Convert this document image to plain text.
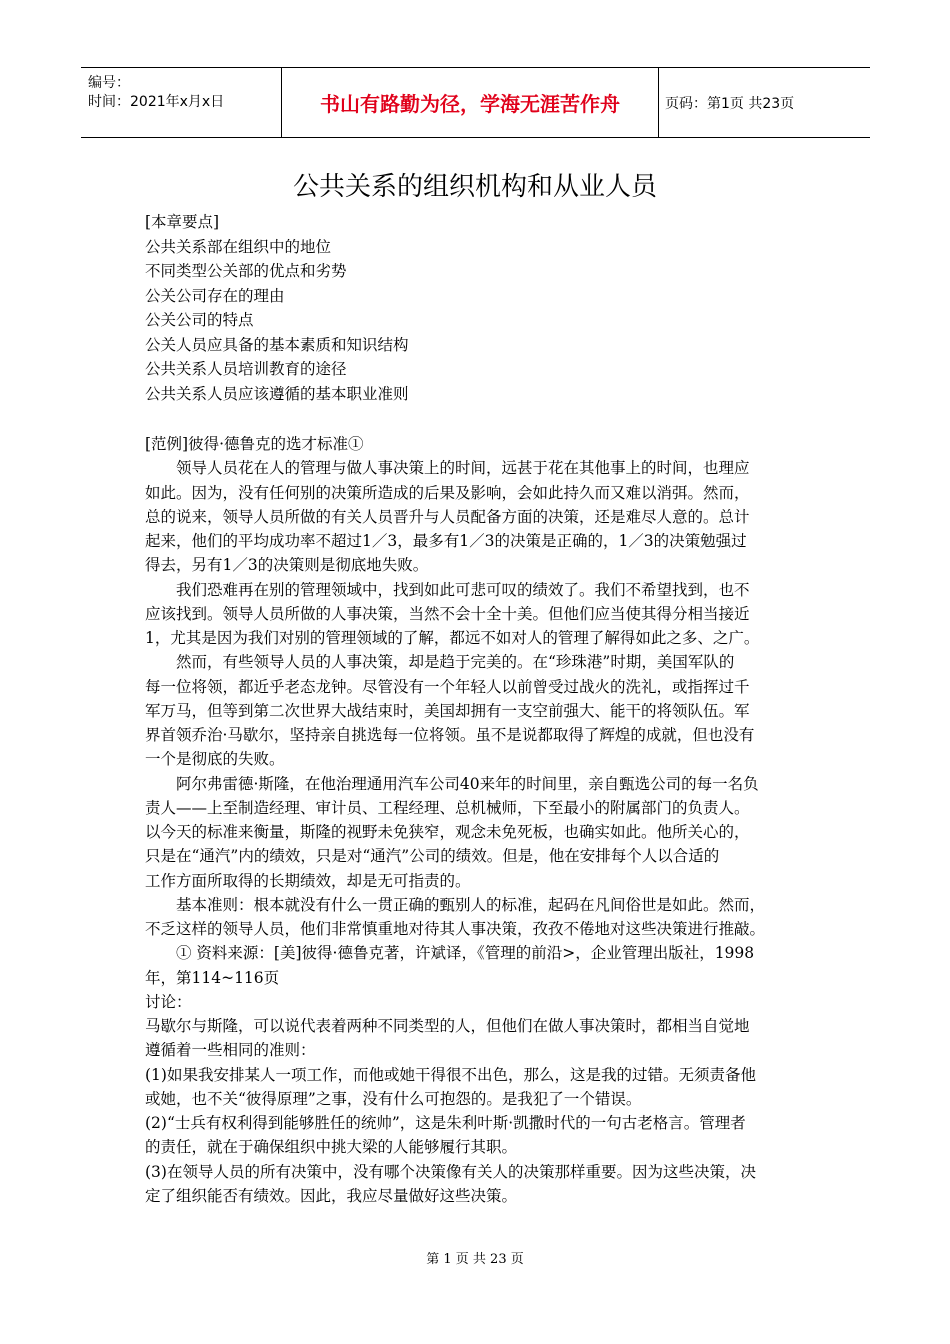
编号：
时间：2021年x月x日	书山有路勤为径，学海无涯苦作舟	页码：第1页 共23页
公共关系的组织机构和从业人员
[本章要点]
公共关系部在组织中的地位
不同类型公关部的优点和劣势
公关公司存在的理由
公关公司的特点
公关人员应具备的基本素质和知识结构
公共关系人员培训教育的途径
公共关系人员应该遵循的基本职业准则
[范例]彼得·德鲁克的选才标准①
　　领导人员花在人的管理与做人事决策上的时间，远甚于花在其他事上的时间，也理应
如此。因为，没有任何别的决策所造成的后果及影响，会如此持久而又难以消弭。然而，
总的说来，领导人员所做的有关人员晋升与人员配备方面的决策，还是难尽人意的。总计
起来，他们的平均成功率不超过1／3，最多有1／3的决策是正确的，1／3的决策勉强过
得去，另有1／3的决策则是彻底地失败。
　　我们恐难再在别的管理领域中，找到如此可悲可叹的绩效了。我们不希望找到，也不
应该找到。领导人员所做的人事决策，当然不会十全十美。但他们应当使其得分相当接近
1，尤其是因为我们对别的管理领域的了解，都远不如对人的管理了解得如此之多、之广。
　　然而，有些领导人员的人事决策，却是趋于完美的。在“珍珠港”时期，美国军队的
每一位将领，都近乎老态龙钟。尽管没有一个年轻人以前曾受过战火的洗礼，或指挥过千
军万马，但等到第二次世界大战结束时，美国却拥有一支空前强大、能干的将领队伍。军
界首领乔治·马歇尔，坚持亲自挑选每一位将领。虽不是说都取得了辉煌的成就，但也没有
一个是彻底的失败。
　　阿尔弗雷德·斯隆，在他治理通用汽车公司40来年的时间里，亲自甄选公司的每一名负
责人——上至制造经理、审计员、工程经理、总机械师，下至最小的附属部门的负责人。
以今天的标准来衡量，斯隆的视野未免狭窄，观念未免死板，也确实如此。他所关心的，
只是在“通汽”内的绩效，只是对“通汽”公司的绩效。但是，他在安排每个人以合适的
工作方面所取得的长期绩效，却是无可指责的。
　　基本准则：根本就没有什么一贯正确的甄别人的标准，起码在凡间俗世是如此。然而，
不乏这样的领导人员，他们非常慎重地对待其人事决策，孜孜不倦地对这些决策进行推敲。
　　① 资料来源：[美]彼得·德鲁克著，许斌译，《管理的前沿>，企业管理出版社，1998
年，第114~116页
讨论：
马歇尔与斯隆，可以说代表着两种不同类型的人，但他们在做人事决策时，都相当自觉地
遵循着一些相同的准则：
(1)如果我安排某人一项工作，而他或她干得很不出色，那么，这是我的过错。无须责备他
或她，也不关“彼得原理”之事，没有什么可抱怨的。是我犯了一个错误。
(2)“士兵有权利得到能够胜任的统帅”，这是朱利叶斯·凯撒时代的一句古老格言。管理者
的责任，就在于确保组织中挑大梁的人能够履行其职。
(3)在领导人员的所有决策中，没有哪个决策像有关人的决策那样重要。因为这些决策，决
定了组织能否有绩效。因此，我应尽量做好这些决策。
第 1 页 共 23 页
